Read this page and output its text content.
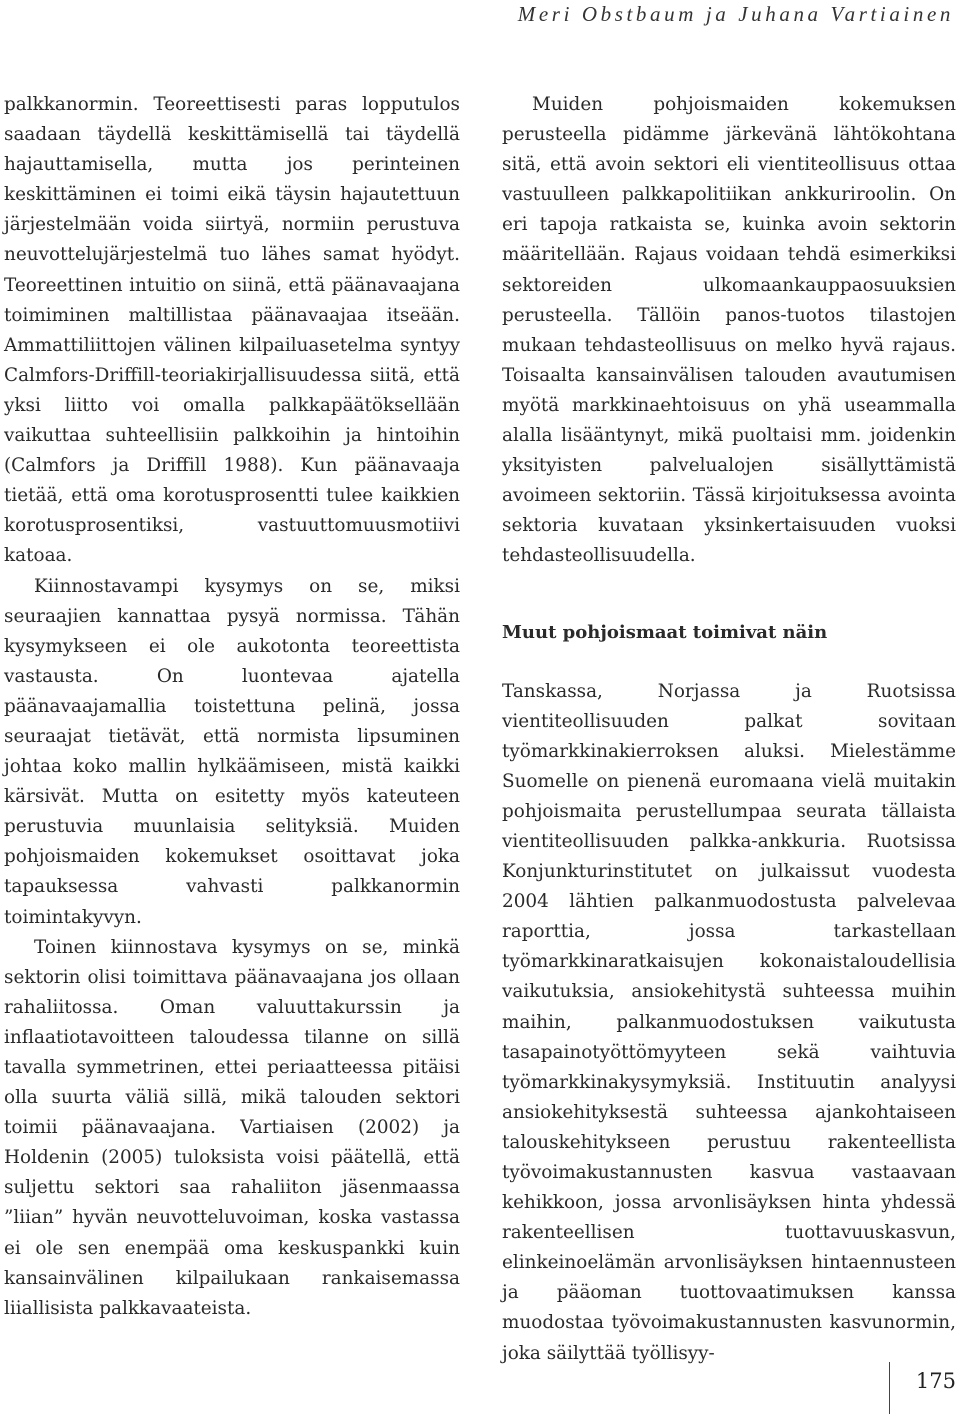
Meri Obstbaum ja Juhana Vartiainen

palkkanormin. Teoreettisesti paras lopputulos saadaan täydellä keskittämisellä tai täydellä hajauttamisella, mutta jos perinteinen keskittäminen ei toimi eikä täysin hajautettuun järjestelmään voida siirtyä, normiin perustuva neuvottelujärjestelmä tuo lähes samat hyödyt. Teoreettinen intuitio on siinä, että päänavaajana toimiminen maltillistaa päänavaajaa itseään. Ammattiliittojen välinen kilpailuasetelma syntyy Calmfors-Driffill-teoriakirjallisuudessa siitä, että yksi liitto voi omalla palkkapäätöksellään vaikuttaa suhteellisiin palkkoihin ja hintoihin (Calmfors ja Driffill 1988). Kun päänavaaja tietää, että oma korotusprosentti tulee kaikkien korotusprosentiksi, vastuuttomuusmotiivi katoaa.

Kiinnostavampi kysymys on se, miksi seuraajien kannattaa pysyä normissa. Tähän kysymykseen ei ole aukotonta teoreettista vastausta. On luontevaa ajatella päänavaajamallia toistettuna pelinä, jossa seuraajat tietävät, että normista lipsuminen johtaa koko mallin hylkäämiseen, mistä kaikki kärsivät. Mutta on esitetty myös kateuteen perustuvia muunlaisia selityksiä. Muiden pohjoismaiden kokemukset osoittavat joka tapauksessa vahvasti palkkanormin toimintakyvyn.

Toinen kiinnostava kysymys on se, minkä sektorin olisi toimittava päänavaajana jos ollaan rahaliitossa. Oman valuuttakurssin ja inflaatiotavoitteen taloudessa tilanne on sillä tavalla symmetrinen, ettei periaatteessa pitäisi olla suurta väliä sillä, mikä talouden sektori toimii päänavaajana. Vartiaisen (2002) ja Holdenin (2005) tuloksista voisi päätellä, että suljettu sektori saa rahaliiton jäsenmaassa ”liian” hyvän neuvotteluvoiman, koska vastassa ei ole sen enempää oma keskuspankki kuin kansainvälinen kilpailukaan rankaisemassa liiallisista palkkavaateista.

Muiden pohjoismaiden kokemuksen perusteella pidämme järkevänä lähtökohtana sitä, että avoin sektori eli vientiteollisuus ottaa vastuulleen palkkapolitiikan ankkuriroolin. On eri tapoja ratkaista se, kuinka avoin sektorin määritellään. Rajaus voidaan tehdä esimerkiksi sektoreiden ulkomaankauppaosuuksien perusteella. Tällöin panos-tuotos tilastojen mukaan tehdasteollisuus on melko hyvä rajaus. Toisaalta kansainvälisen talouden avautumisen myötä markkinaehtoisuus on yhä useammalla alalla lisääntynyt, mikä puoltaisi mm. joidenkin yksityisten palvelualojen sisällyttämistä avoimeen sektoriin. Tässä kirjoituksessa avointa sektoria kuvataan yksinkertaisuuden vuoksi tehdasteollisuudella.

Muut pohjoismaat toimivat näin

Tanskassa, Norjassa ja Ruotsissa vientiteollisuuden palkat sovitaan työmarkkinakierroksen aluksi. Mielestämme Suomelle on pienenä euromaana vielä muitakin pohjoismaita perustellumpaa seurata tällaista vientiteollisuuden palkka-ankkuria. Ruotsissa Konjunkturinstitutet on julkaissut vuodesta 2004 lähtien palkanmuodostusta palvelevaa raporttia, jossa tarkastellaan työmarkkinaratkaisujen kokonaistaloudellisia vaikutuksia, ansiokehitystä suhteessa muihin maihin, palkanmuodostuksen vaikutusta tasapainotyöttömyyteen sekä vaihtuvia työmarkkinakysymyksiä. Instituutin analyysi ansiokehityksestä suhteessa ajankohtaiseen talouskehitykseen perustuu rakenteellista työvoimakustannusten kasvua vastaavaan kehikkoon, jossa arvonlisäyksen hinta yhdessä rakenteellisen tuottavuuskasvun, elinkeinoelämän arvonlisäyksen hintaennusteen ja pääoman tuottovaatimuksen kanssa muodostaa työvoimakustannusten kasvunormin, joka säilyttää työllisyy-

175
